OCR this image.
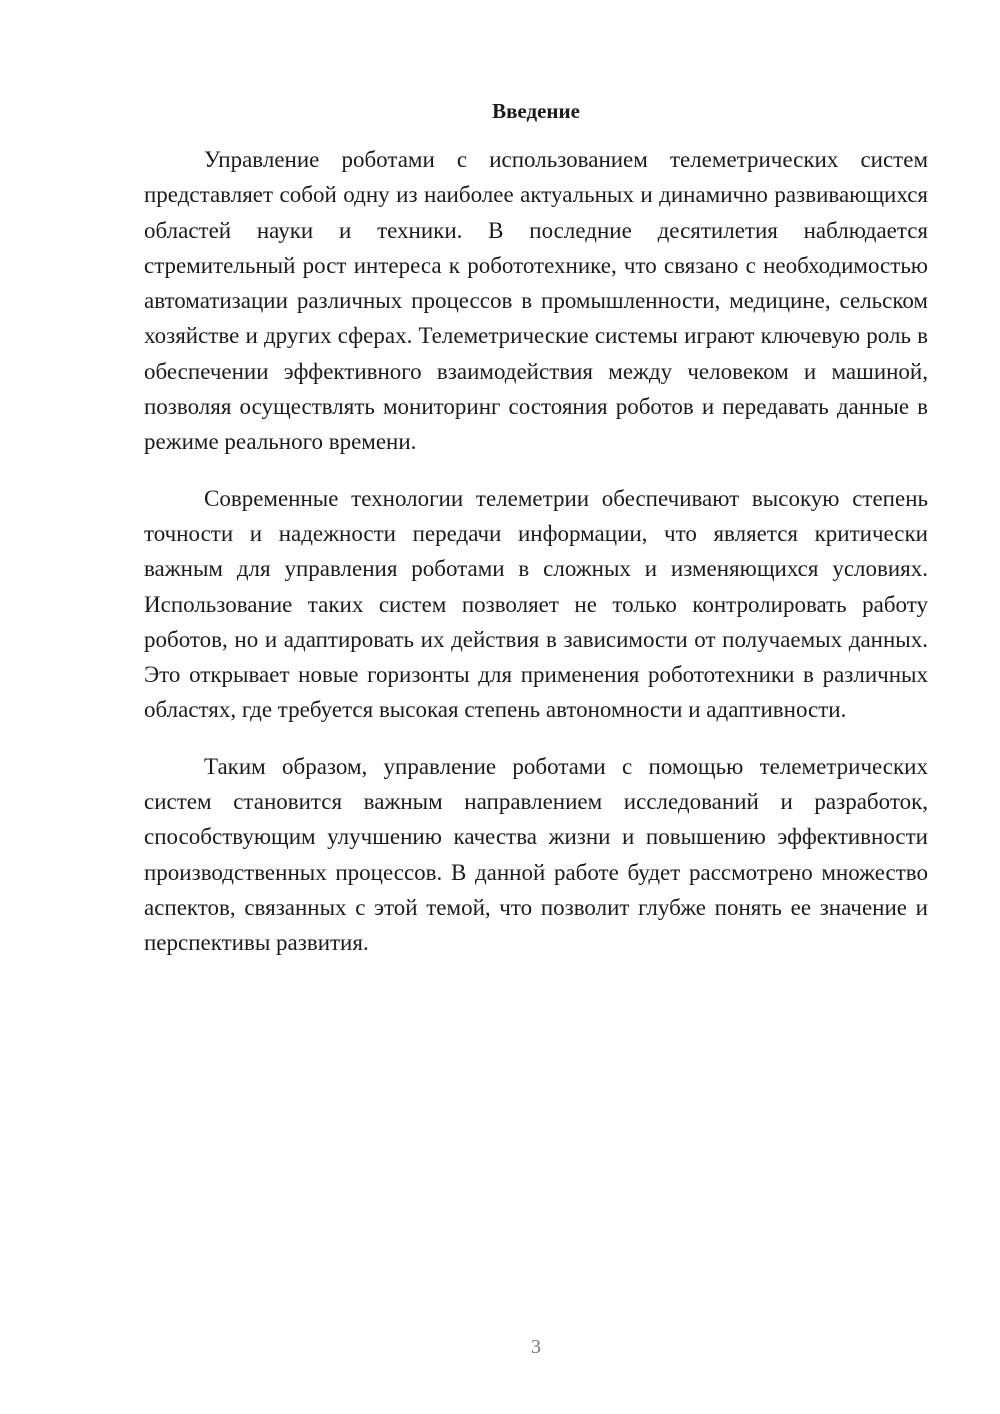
Введение

Управление роботами с использованием телеметрических систем представляет собой одну из наиболее актуальных и динамично развивающихся областей науки и техники. В последние десятилетия наблюдается стремительный рост интереса к робототехнике, что связано с необходимостью автоматизации различных процессов в промышленности, медицине, сельском хозяйстве и других сферах. Телеметрические системы играют ключевую роль в обеспечении эффективного взаимодействия между человеком и машиной, позволяя осуществлять мониторинг состояния роботов и передавать данные в режиме реального времени.

Современные технологии телеметрии обеспечивают высокую степень точности и надежности передачи информации, что является критически важным для управления роботами в сложных и изменяющихся условиях. Использование таких систем позволяет не только контролировать работу роботов, но и адаптировать их действия в зависимости от получаемых данных. Это открывает новые горизонты для применения робототехники в различных областях, где требуется высокая степень автономности и адаптивности.

Таким образом, управление роботами с помощью телеметрических систем становится важным направлением исследований и разработок, способствующим улучшению качества жизни и повышению эффективности производственных процессов. В данной работе будет рассмотрено множество аспектов, связанных с этой темой, что позволит глубже понять ее значение и перспективы развития.

3
